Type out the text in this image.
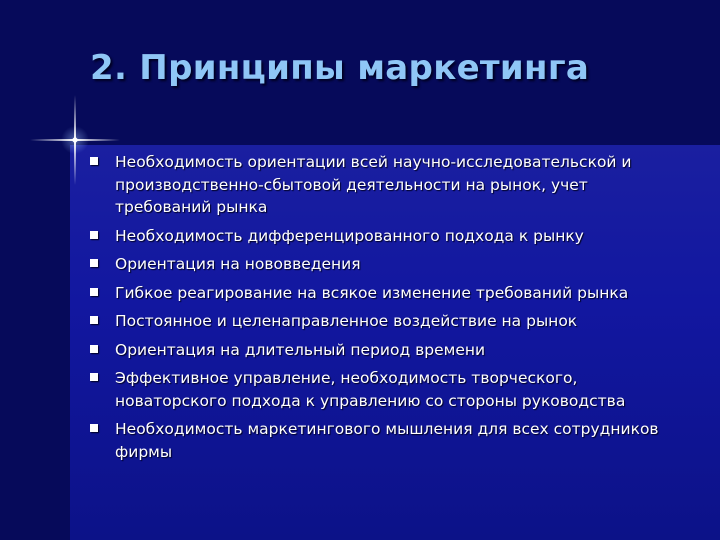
2. Принципы маркетинга
Необходимость ориентации всей научно-исследовательской и производственно-сбытовой деятельности на рынок, учет требований рынка
Необходимость дифференцированного подхода к рынку
Ориентация на нововведения
Гибкое реагирование на всякое изменение требований рынка
Постоянное и целенаправленное воздействие на рынок
Ориентация на длительный период времени
Эффективное управление, необходимость творческого, новаторского подхода к управлению со стороны руководства
Необходимость маркетингового мышления для всех сотрудников фирмы
